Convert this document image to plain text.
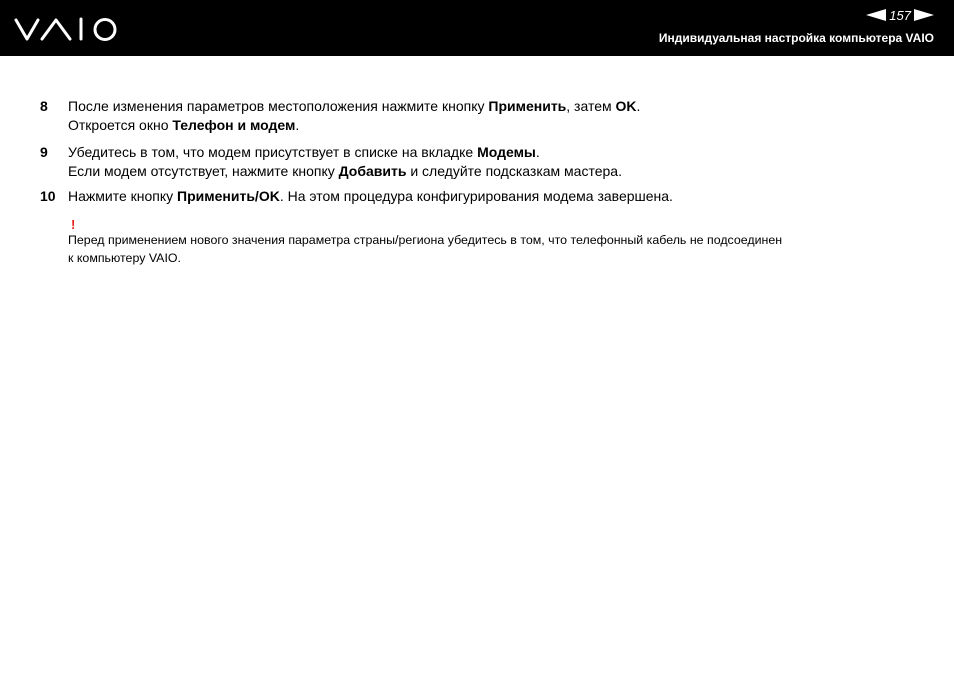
157
Индивидуальная настройка компьютера VAIO
8 После изменения параметров местоположения нажмите кнопку Применить, затем OK.
Откроется окно Телефон и модем.
9 Убедитесь в том, что модем присутствует в списке на вкладке Модемы.
Если модем отсутствует, нажмите кнопку Добавить и следуйте подсказкам мастера.
10 Нажмите кнопку Применить/OK. На этом процедура конфигурирования модема завершена.
!
Перед применением нового значения параметра страны/региона убедитесь в том, что телефонный кабель не подсоединен
к компьютеру VAIO.
